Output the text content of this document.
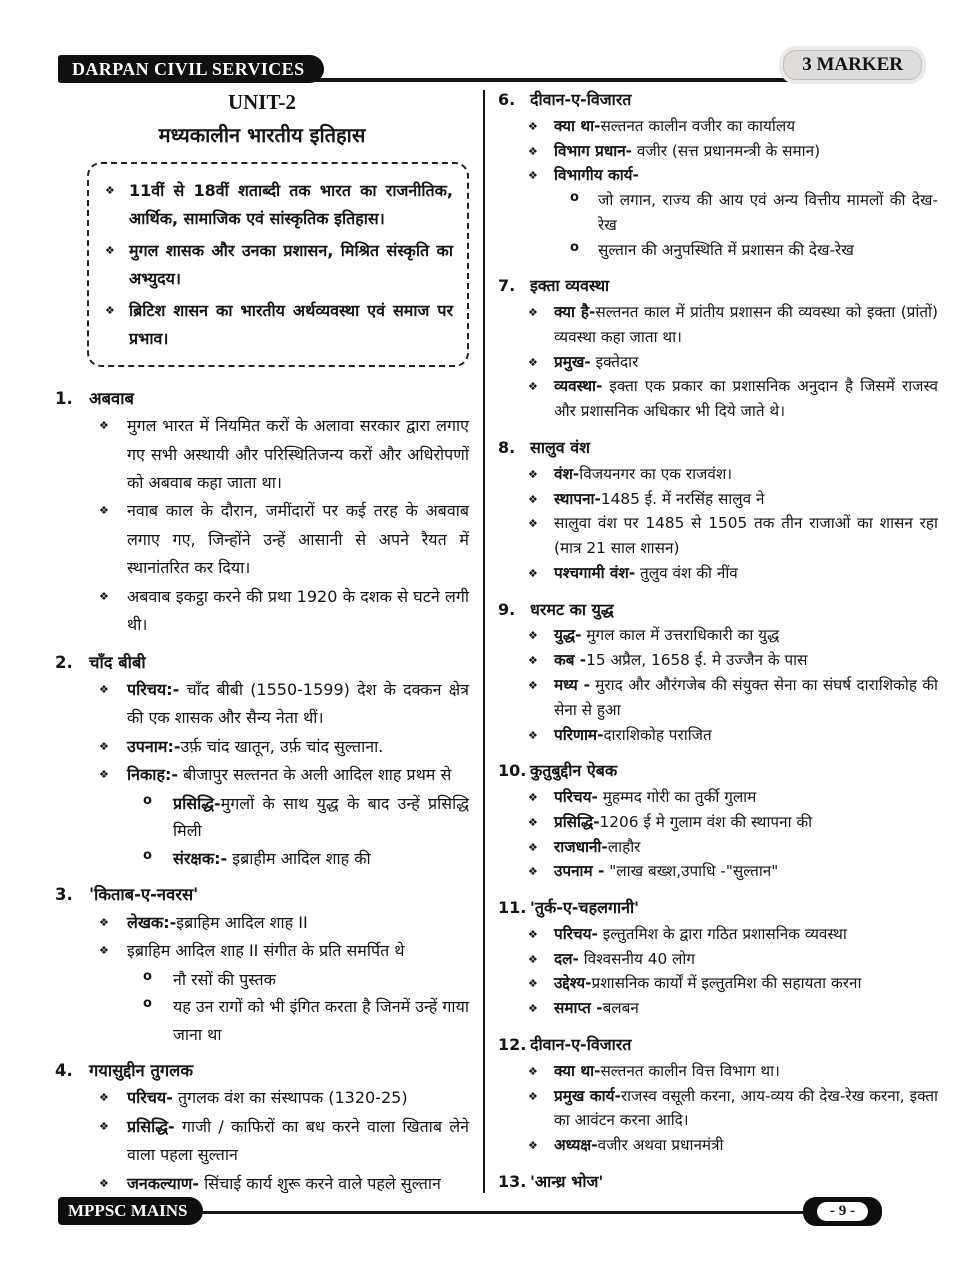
DARPAN CIVIL SERVICES	3 MARKER
UNIT-2
मध्यकालीन भारतीय इतिहास
❖ 11वीं से 18वीं शताब्दी तक भारत का राजनीतिक, आर्थिक, सामाजिक एवं सांस्कृतिक इतिहास।
❖ मुगल शासक और उनका प्रशासन, मिश्रित संस्कृति का अभ्युदय।
❖ ब्रिटिश शासन का भारतीय अर्थव्यवस्था एवं समाज पर प्रभाव।
1. अबवाब
❖	मुगल भारत में नियमित करों के अलावा सरकार द्वारा लगाए गए सभी अस्थायी और परिस्थितिजन्य करों और अधिरोपणों को अबवाब कहा जाता था।
❖	नवाब काल के दौरान, जमींदारों पर कई तरह के अबवाब लगाए गए, जिन्होंने उन्हें आसानी से अपने रैयत में स्थानांतरित कर दिया।
❖	अबवाब इकट्ठा करने की प्रथा 1920 के दशक से घटने लगी थी।
2. चाँद बीबी
❖	परिचय:- चाँद बीबी (1550-1599) देश के दक्कन क्षेत्र की एक शासक और सैन्य नेता थीं।
❖	उपनाम:-उर्फ़ चांद खातून, उर्फ़ चांद सुल्ताना.
❖	निकाह:- बीजापुर सल्तनत के अली आदिल शाह प्रथम से
o	प्रसिद्धि-मुगलों के साथ युद्ध के बाद उन्हें प्रसिद्धि मिली
o	संरक्षक:- इब्राहीम आदिल शाह की
3. 'किताब-ए-नवरस'
❖	लेखक:-इब्राहिम आदिल शाह II
❖	इब्राहिम आदिल शाह II संगीत के प्रति समर्पित थे
o	नौ रसों की पुस्तक
o	यह उन रागों को भी इंगित करता है जिनमें उन्हें गाया जाना था
4. गयासुद्दीन तुगलक
❖	परिचय- तुगलक वंश का संस्थापक (1320-25)
❖	प्रसिद्धि- गाजी / काफिरों का बध करने वाला खिताब लेने वाला पहला सुल्तान
❖	जनकल्याण- सिंचाई कार्य शुरू करने वाले पहले सुल्तान
6. दीवान-ए-विजारत
❖	क्या था-सल्तनत कालीन वजीर का कार्यालय
❖	विभाग प्रधान- वजीर (सत्त प्रधानमन्त्री के समान)
❖	विभागीय कार्य-
o	जो लगान, राज्य की आय एवं अन्य वित्तीय मामलों की देख-रेख
o	सुल्तान की अनुपस्थिति में प्रशासन की देख-रेख
7. इक्ता व्यवस्था
❖	क्या है-सल्तनत काल में प्रांतीय प्रशासन की व्यवस्था को इक्ता (प्रांतों) व्यवस्था कहा जाता था।
❖	प्रमुख- इक्तेदार
❖	व्यवस्था- इक्ता एक प्रकार का प्रशासनिक अनुदान है जिसमें राजस्व और प्रशासनिक अधिकार भी दिये जाते थे।
8. सालुव वंश
❖	वंश-विजयनगर का एक राजवंश।
❖	स्थापना-1485 ई. में नरसिंह सालुव ने
❖	सालुवा वंश पर 1485 से 1505 तक तीन राजाओं का शासन रहा (मात्र 21 साल शासन)
❖	पश्चगामी वंश- तुलुव वंश की नींव
9. धरमट का युद्ध
❖	युद्ध- मुगल काल में उत्तराधिकारी का युद्ध
❖	कब -15 अप्रैल, 1658 ई. मे उज्जैन के पास
❖	मध्य - मुराद और औरंगजेब की संयुक्त सेना का संघर्ष दाराशिकोह की सेना से हुआ
❖	परिणाम-दाराशिकोह पराजित
10. कुतुबुद्दीन ऐबक
❖	परिचय- मुहम्मद गोरी का तुर्की गुलाम
❖	प्रसिद्धि-1206 ई मे गुलाम वंश की स्थापना की
❖	राजधानी-लाहौर
❖	उपनाम - "लाख बख्श,उपाधि -"सुल्तान"
11. 'तुर्क-ए-चहलगानी'
❖	परिचय- इल्तुतमिश के द्वारा गठित प्रशासनिक व्यवस्था
❖	दल- विश्वसनीय 40 लोग
❖	उद्देश्य-प्रशासनिक कार्यों में इल्तुतमिश की सहायता करना
❖	समाप्त -बलबन
12. दीवान-ए-विजारत
❖	क्या था-सल्तनत कालीन वित्त विभाग था।
❖	प्रमुख कार्य-राजस्व वसूली करना, आय-व्यय की देख-रेख करना, इक्ता का आवंटन करना आदि।
❖	अध्यक्ष-वजीर अथवा प्रधानमंत्री
13. 'आन्ध्र भोज'
MPPSC MAINS	- 9 -
